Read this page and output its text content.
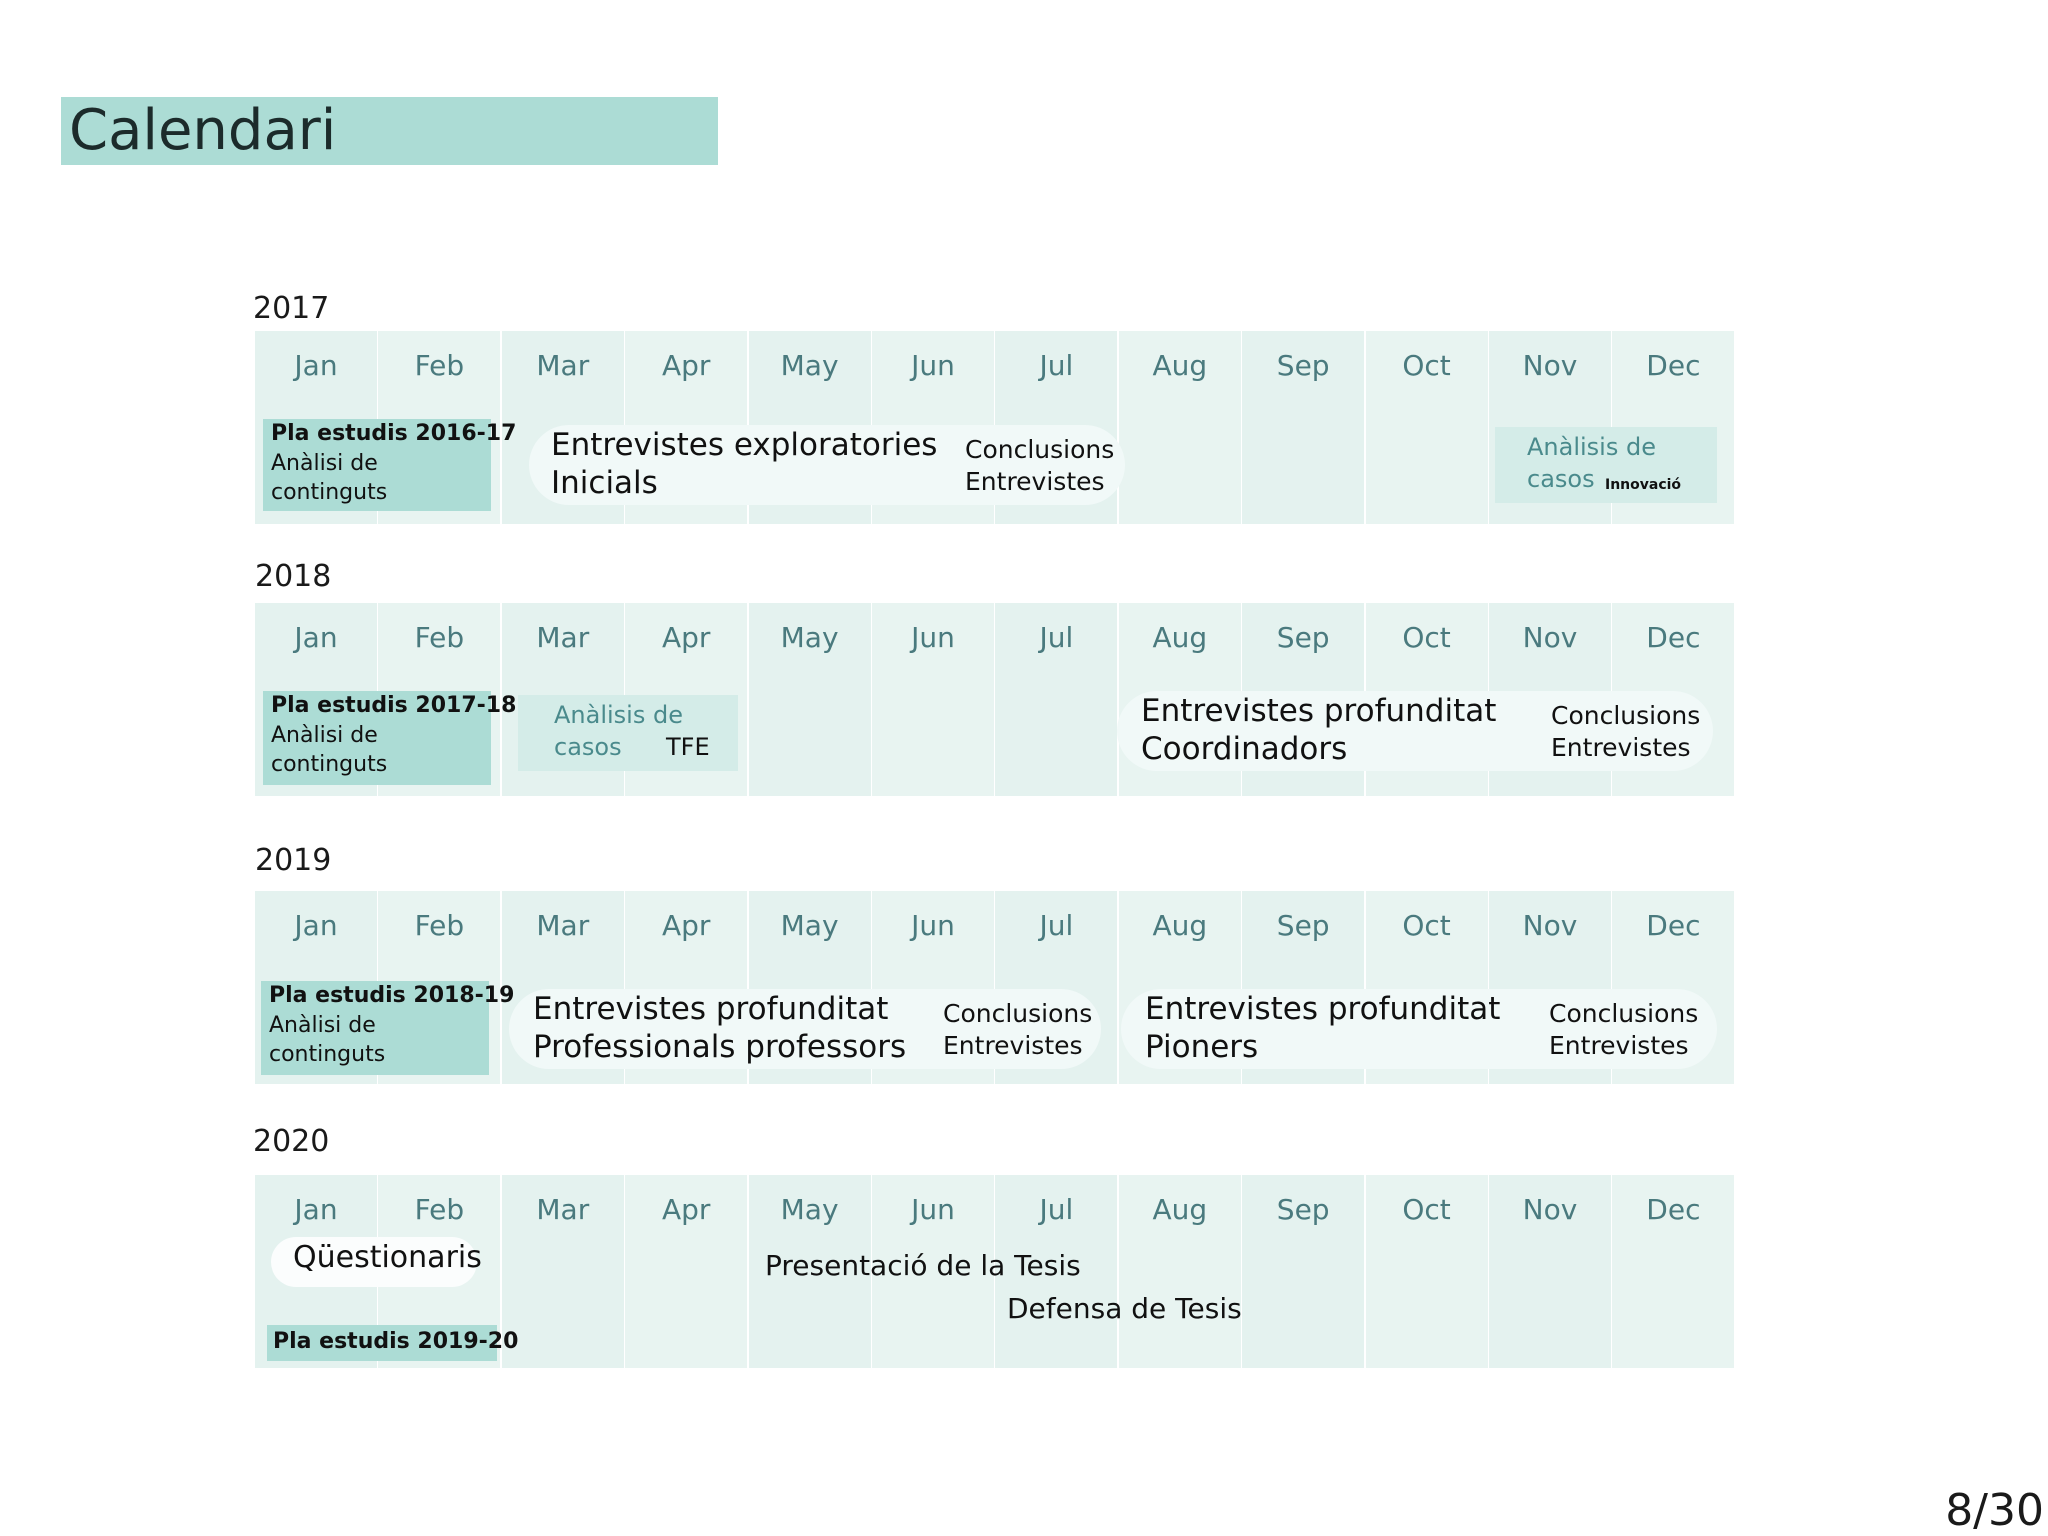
Calendari
2017
Dec
Nov
Oct
Sep
Aug
Jul
Jun
May
Apr
Mar
Feb
Jan
Pla estudis 2016-17
Anàlisi de
continguts
Entrevistes exploratories
Inicials
Conclusions
Entrevistes
Anàlisis de
casos Innovació
2018
Dec
Nov
Oct
Sep
Aug
Jul
Jun
May
Apr
Mar
Feb
Jan
Pla estudis 2017-18
Anàlisi de
continguts
Anàlisis de
casos TFE
Entrevistes profunditat
Coordinadors
Conclusions
Entrevistes
2019
Dec
Nov
Oct
Sep
Aug
Jul
Jun
May
Apr
Mar
Feb
Jan
Pla estudis 2018-19
Anàlisi de
continguts
Entrevistes profunditat
Professionals professors
Conclusions
Entrevistes
Entrevistes profunditat
Pioners
Conclusions
Entrevistes
2020
Dec
Nov
Oct
Sep
Aug
Jul
Jun
May
Apr
Mar
Feb
Jan
Qüestionaris
Pla estudis 2019-20
Presentació de la Tesis
Defensa de Tesis
8/30
